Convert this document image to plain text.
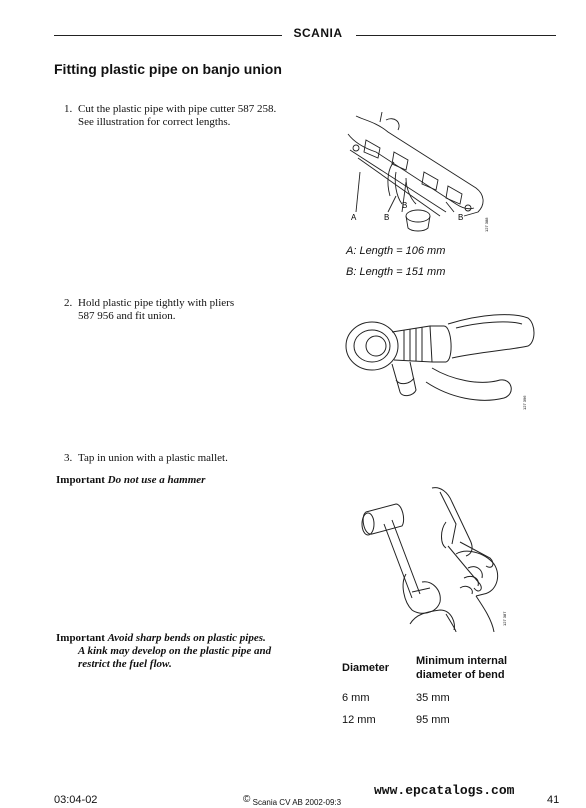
SCANIA
Fitting plastic pipe on banjo union
1. Cut the plastic pipe with pipe cutter 587 258.
See illustration for correct lengths.
A	B
B
B
127 388
A: Length = 106 mm
B: Length = 151 mm
2. Hold plastic pipe tightly with pliers
587 956 and fit union.
127 396
3. Tap in union with a plastic mallet.
Important Do not use a hammer
127 387
Important Avoid sharp bends on plastic pipes.
A kink may develop on the plastic pipe and
restrict the fuel flow.	Diameter
Minimum internal
diameter of bend
6 mm	35 mm
12 mm	95 mm
03:04-02	© Scania CV AB 2002-09:3
www.epcatalogs.com
41
